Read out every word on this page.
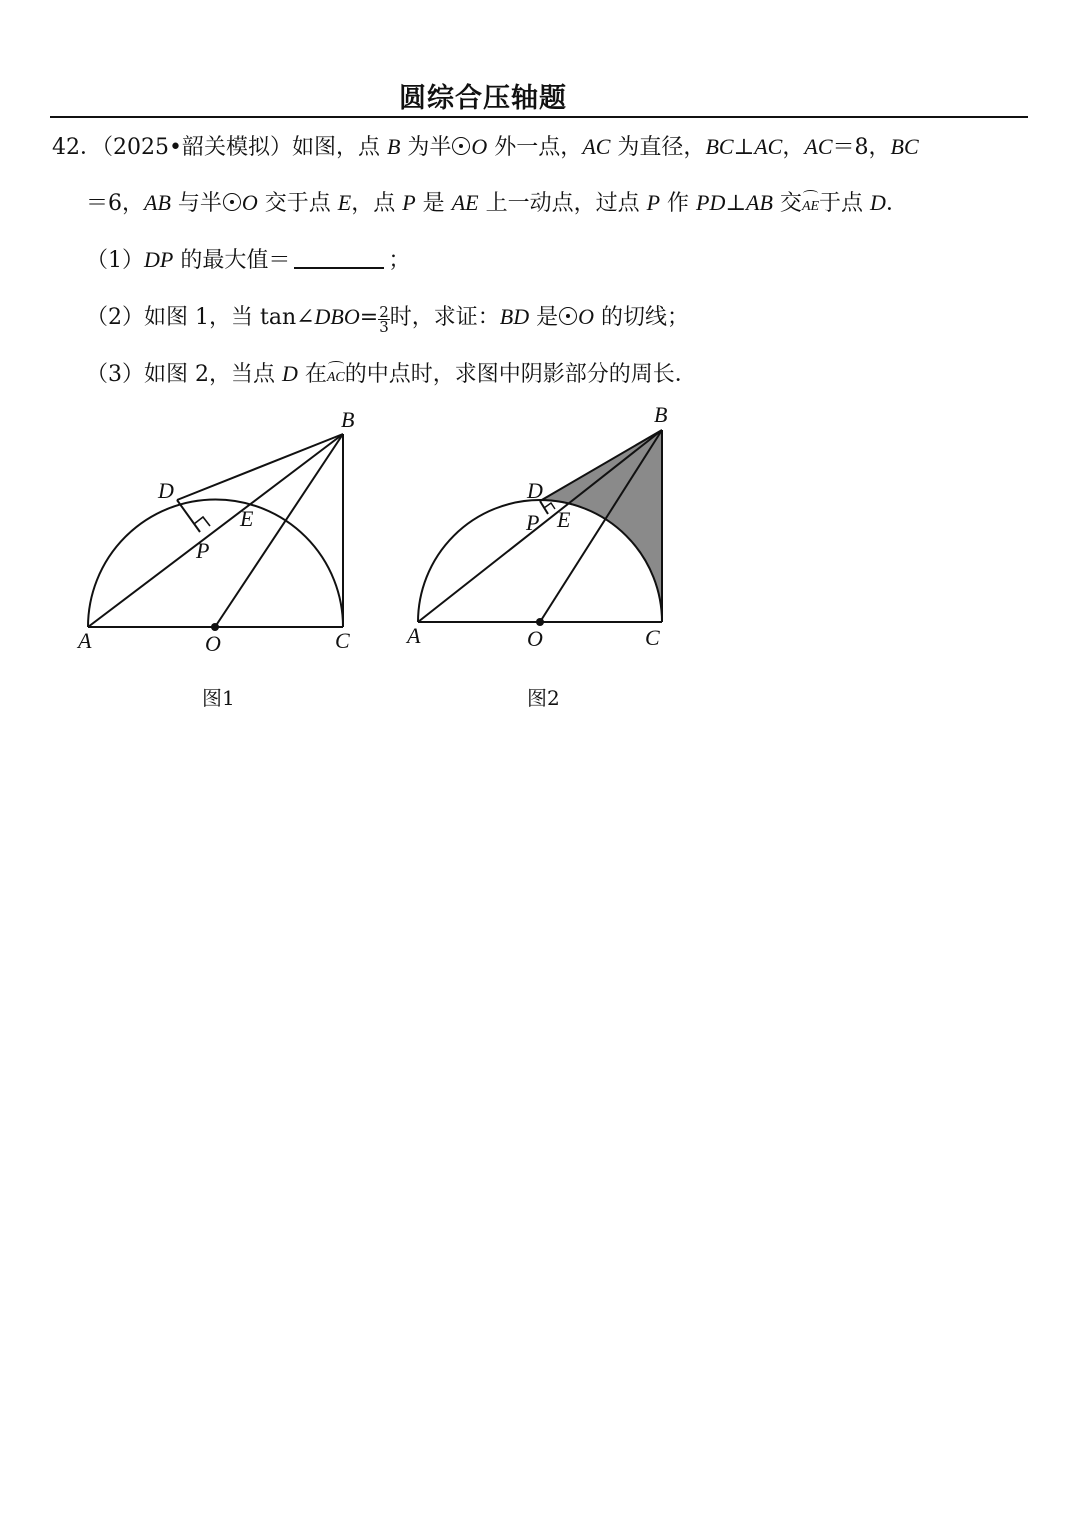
圆综合压轴题
42．（2025•韶关模拟）如图，点 B 为半 O 外一点，AC 为直径，BC⊥AC，AC＝8，BC
＝6，AB 与半 O 交于点 E，点 P 是 AE 上一动点，过点 P 作 PD⊥AB 交AE于点 D．
（1）DP 的最大值＝	；
（2）如图 1，当 tan∠DBO= $\frac{2}{3}$ 时，求证：BD 是 O 的切线；
（3）如图 2，当点 D 在AC的中点时，求图中阴影部分的周长．
A
B
C
D
E
O
P
图1
A
B
C
D
E
O
P
图2
